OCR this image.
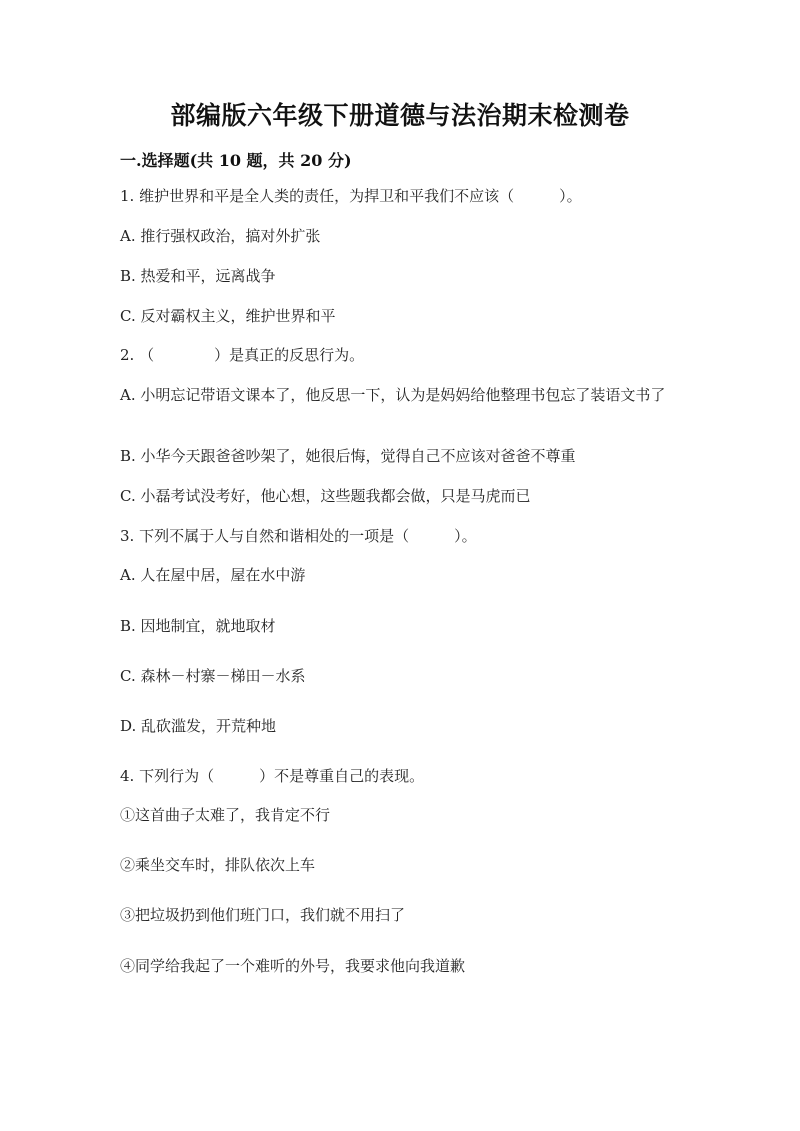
部编版六年级下册道德与法治期末检测卷
一.选择题(共 10 题，共 20 分)

1. 维护世界和平是全人类的责任，为捍卫和平我们不应该（　　　）。

A. 推行强权政治，搞对外扩张

B. 热爱和平，远离战争

C. 反对霸权主义，维护世界和平

2. （　　　　）是真正的反思行为。

A. 小明忘记带语文课本了，他反思一下，认为是妈妈给他整理书包忘了装语文书了

B. 小华今天跟爸爸吵架了，她很后悔，觉得自己不应该对爸爸不尊重

C. 小磊考试没考好，他心想，这些题我都会做，只是马虎而已

3. 下列不属于人与自然和谐相处的一项是（　　　）。

A. 人在屋中居，屋在水中游

B. 因地制宜，就地取材

C. 森林－村寨－梯田－水系

D. 乱砍滥发，开荒种地

4. 下列行为（　　　）不是尊重自己的表现。

①这首曲子太难了，我肯定不行

②乘坐交车时，排队依次上车

③把垃圾扔到他们班门口，我们就不用扫了

④同学给我起了一个难听的外号，我要求他向我道歉
